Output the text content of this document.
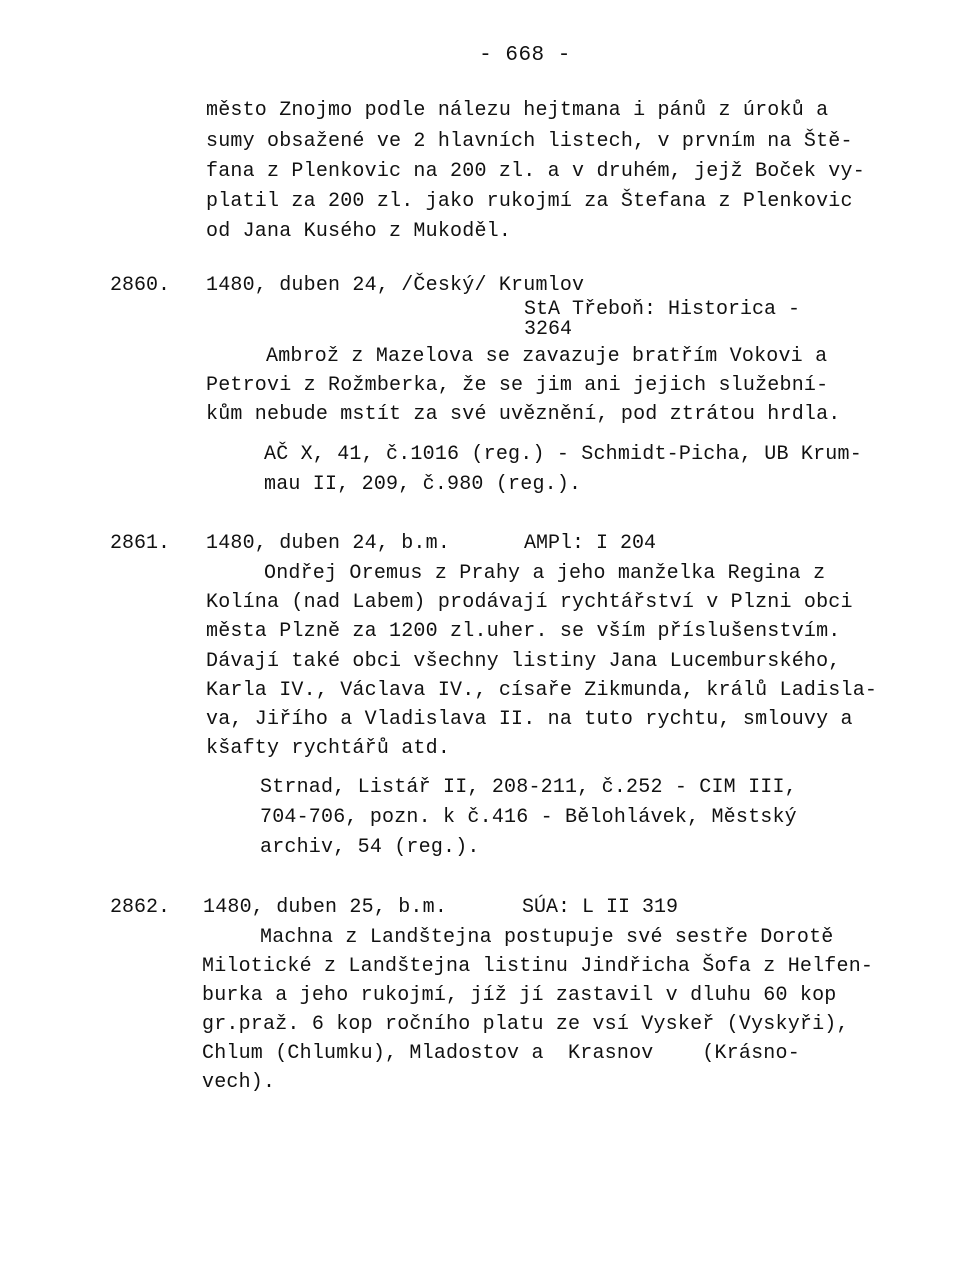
- 668 -
město Znojmo podle nálezu hejtmana i pánů z úroků a
sumy obsažené ve 2 hlavních listech, v prvním na Ště-
fana z Plenkovic na 200 zl. a v druhém, jejž Boček vy-
platil za 200 zl. jako rukojmí za Štefana z Plenkovic
od Jana Kusého z Mukoděl.
2860. 1480, duben 24, /Český/ Krumlov
StA Třeboň: Historica -
3264
Ambrož z Mazelova se zavazuje bratřím Vokovi a
Petrovi z Rožmberka, že se jim ani jejich služební-
kům nebude mstít za své uvěznění, pod ztrátou hrdla.
AČ X, 41, č.1016 (reg.) - Schmidt-Picha, UB Krum-
mau II, 209, č.980 (reg.).
2861. 1480, duben 24, b.m.	AMPl: I 204
Ondřej Oremus z Prahy a jeho manželka Regina z
Kolína (nad Labem) prodávají rychtářství v Plzni obci
města Plzně za 1200 zl.uher. se vším příslušenstvím.
Dávají také obci všechny listiny Jana Lucemburského,
Karla IV., Václava IV., císaře Zikmunda, králů Ladisla-
va, Jiřího a Vladislava II. na tuto rychtu, smlouvy a
kšafty rychtářů atd.
Strnad, Listář II, 208-211, č.252 - CIM III,
704-706, pozn. k č.416 - Bělohlávek, Městský
archiv, 54 (reg.).
2862. 1480, duben 25, b.m.	SÚA: L II 319
Machna z Landštejna postupuje své sestře Dorotě
Milotické z Landštejna listinu Jindřicha Šofa z Helfen-
burka a jeho rukojmí, jíž jí zastavil v dluhu 60 kop
gr.praž. 6 kop ročního platu ze vsí Vyskeř (Vyskyři),
Chlum (Chlumku), Mladostov a  Krasnov    (Krásno-
vech).
